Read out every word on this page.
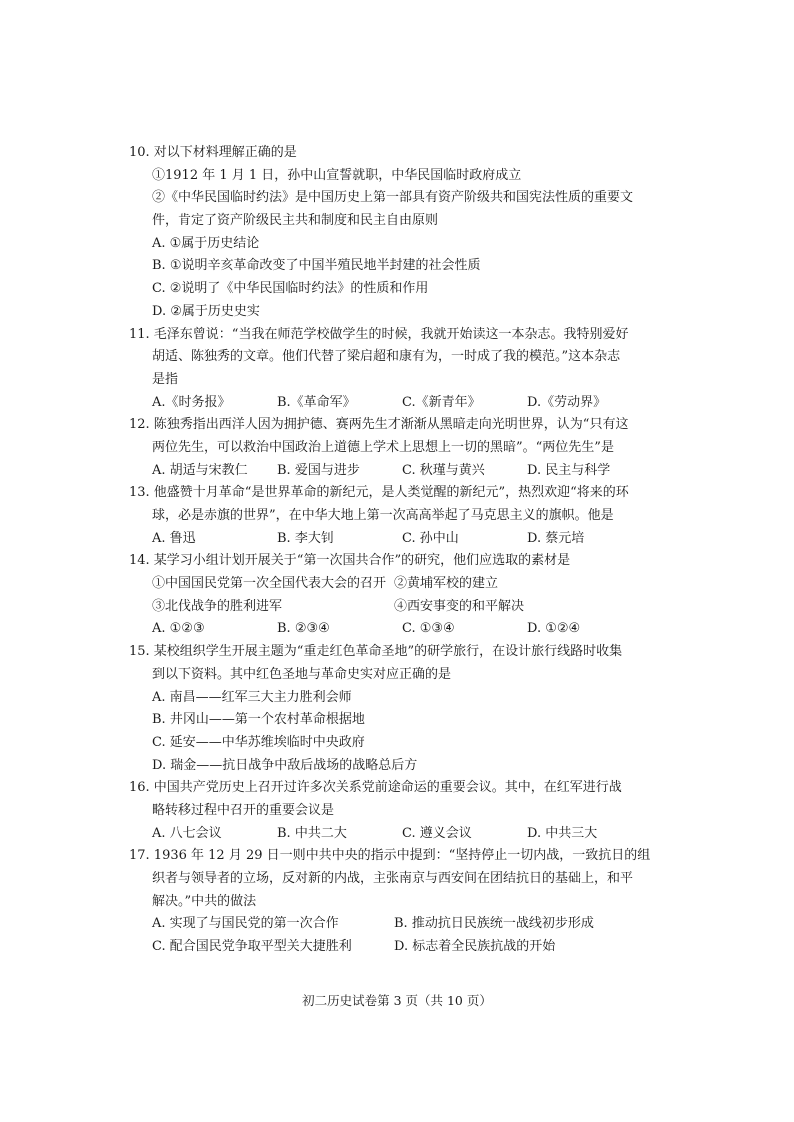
10. 对以下材料理解正确的是
①1912 年 1 月 1 日，孙中山宣誓就职，中华民国临时政府成立
②《中华民国临时约法》是中国历史上第一部具有资产阶级共和国宪法性质的重要文
件，肯定了资产阶级民主共和制度和民主自由原则
A. ①属于历史结论
B. ①说明辛亥革命改变了中国半殖民地半封建的社会性质
C. ②说明了《中华民国临时约法》的性质和作用
D. ②属于历史史实
11. 毛泽东曾说：“当我在师范学校做学生的时候，我就开始读这一本杂志。我特别爱好
胡适、陈独秀的文章。他们代替了梁启超和康有为，一时成了我的模范。”这本杂志
是指
A.《时务报》	B.《革命军》	C.《新青年》	D.《劳动界》
12. 陈独秀指出西洋人因为拥护德、赛两先生才渐渐从黑暗走向光明世界，认为“只有这
两位先生，可以救治中国政治上道德上学术上思想上一切的黑暗”。“两位先生”是
A. 胡适与宋教仁	B. 爱国与进步	C. 秋瑾与黄兴	D. 民主与科学
13. 他盛赞十月革命“是世界革命的新纪元，是人类觉醒的新纪元”，热烈欢迎“将来的环
球，必是赤旗的世界”，在中华大地上第一次高高举起了马克思主义的旗帜。他是
A. 鲁迅	B. 李大钊	C. 孙中山	D. 蔡元培
14. 某学习小组计划开展关于“第一次国共合作”的研究，他们应选取的素材是
①中国国民党第一次全国代表大会的召开 ②黄埔军校的建立
③北伐战争的胜利进军	④西安事变的和平解决
A. ①②③	B. ②③④	C. ①③④	D. ①②④
15. 某校组织学生开展主题为“重走红色革命圣地”的研学旅行，在设计旅行线路时收集
到以下资料。其中红色圣地与革命史实对应正确的是
A. 南昌——红军三大主力胜利会师
B. 井冈山——第一个农村革命根据地
C. 延安——中华苏维埃临时中央政府
D. 瑞金——抗日战争中敌后战场的战略总后方
16. 中国共产党历史上召开过许多次关系党前途命运的重要会议。其中，在红军进行战
略转移过程中召开的重要会议是
A. 八七会议	B. 中共二大	C. 遵义会议	D. 中共三大
17. 1936 年 12 月 29 日一则中共中央的指示中提到：“坚持停止一切内战，一致抗日的组
织者与领导者的立场，反对新的内战，主张南京与西安间在团结抗日的基础上，和平
解决。”中共的做法
A. 实现了与国民党的第一次合作	B. 推动抗日民族统一战线初步形成
C. 配合国民党争取平型关大捷胜利	D. 标志着全民族抗战的开始
初二历史试卷第 3 页（共 10 页）
